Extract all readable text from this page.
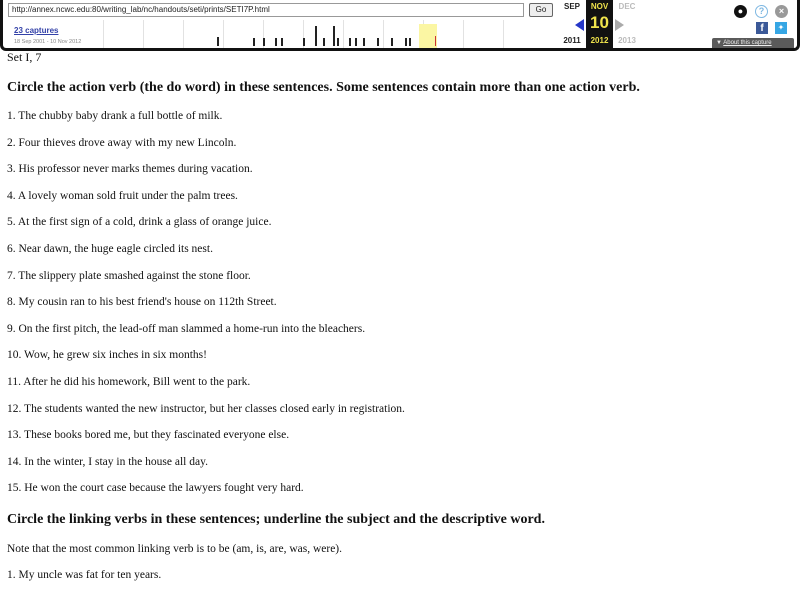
http://annex.ncwc.edu:80/writing_lab/nc/handouts/seti/prints/SETI7P.html	Go
23 captures
18 Sep 2001 - 10 Nov 2012
SEP
2011
NOV
10
2012
DEC
2013
●	?	×
f	✦
▼ About this capture
Set I, 7
Circle the action verb (the do word) in these sentences. Some sentences contain more than one action verb.
1. The chubby baby drank a full bottle of milk.
2. Four thieves drove away with my new Lincoln.
3. His professor never marks themes during vacation.
4. A lovely woman sold fruit under the palm trees.
5. At the first sign of a cold, drink a glass of orange juice.
6. Near dawn, the huge eagle circled its nest.
7. The slippery plate smashed against the stone floor.
8. My cousin ran to his best friend's house on 112th Street.
9. On the first pitch, the lead-off man slammed a home-run into the bleachers.
10. Wow, he grew six inches in six months!
11. After he did his homework, Bill went to the park.
12. The students wanted the new instructor, but her classes closed early in registration.
13. These books bored me, but they fascinated everyone else.
14. In the winter, I stay in the house all day.
15. He won the court case because the lawyers fought very hard.
Circle the linking verbs in these sentences; underline the subject and the descriptive word.
Note that the most common linking verb is to be (am, is, are, was, were).
1. My uncle was fat for ten years.
